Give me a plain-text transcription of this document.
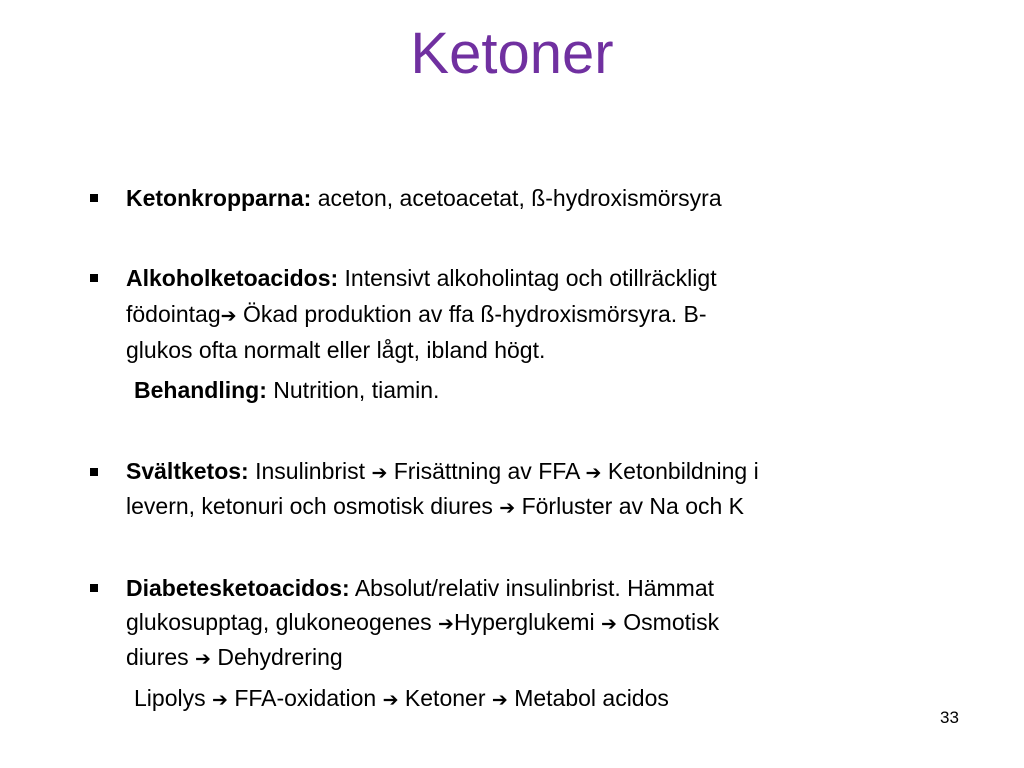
Ketoner
Ketonkropparna: aceton, acetoacetat, ß-hydroxismörsyra
Alkoholketoacidos: Intensivt alkoholintag och otillräckligt
födointag➔ Ökad produktion av ffa ß-hydroxismörsyra. B-
glukos ofta normalt eller lågt, ibland högt.
Behandling: Nutrition, tiamin.
Svältketos: Insulinbrist ➔ Frisättning av FFA ➔ Ketonbildning i
levern, ketonuri och osmotisk diures ➔ Förluster av Na och K
Diabetesketoacidos: Absolut/relativ insulinbrist. Hämmat
glukosupptag, glukoneogenes ➔Hyperglukemi ➔ Osmotisk
diures ➔ Dehydrering
Lipolys ➔ FFA-oxidation ➔ Ketoner ➔ Metabol acidos
33
